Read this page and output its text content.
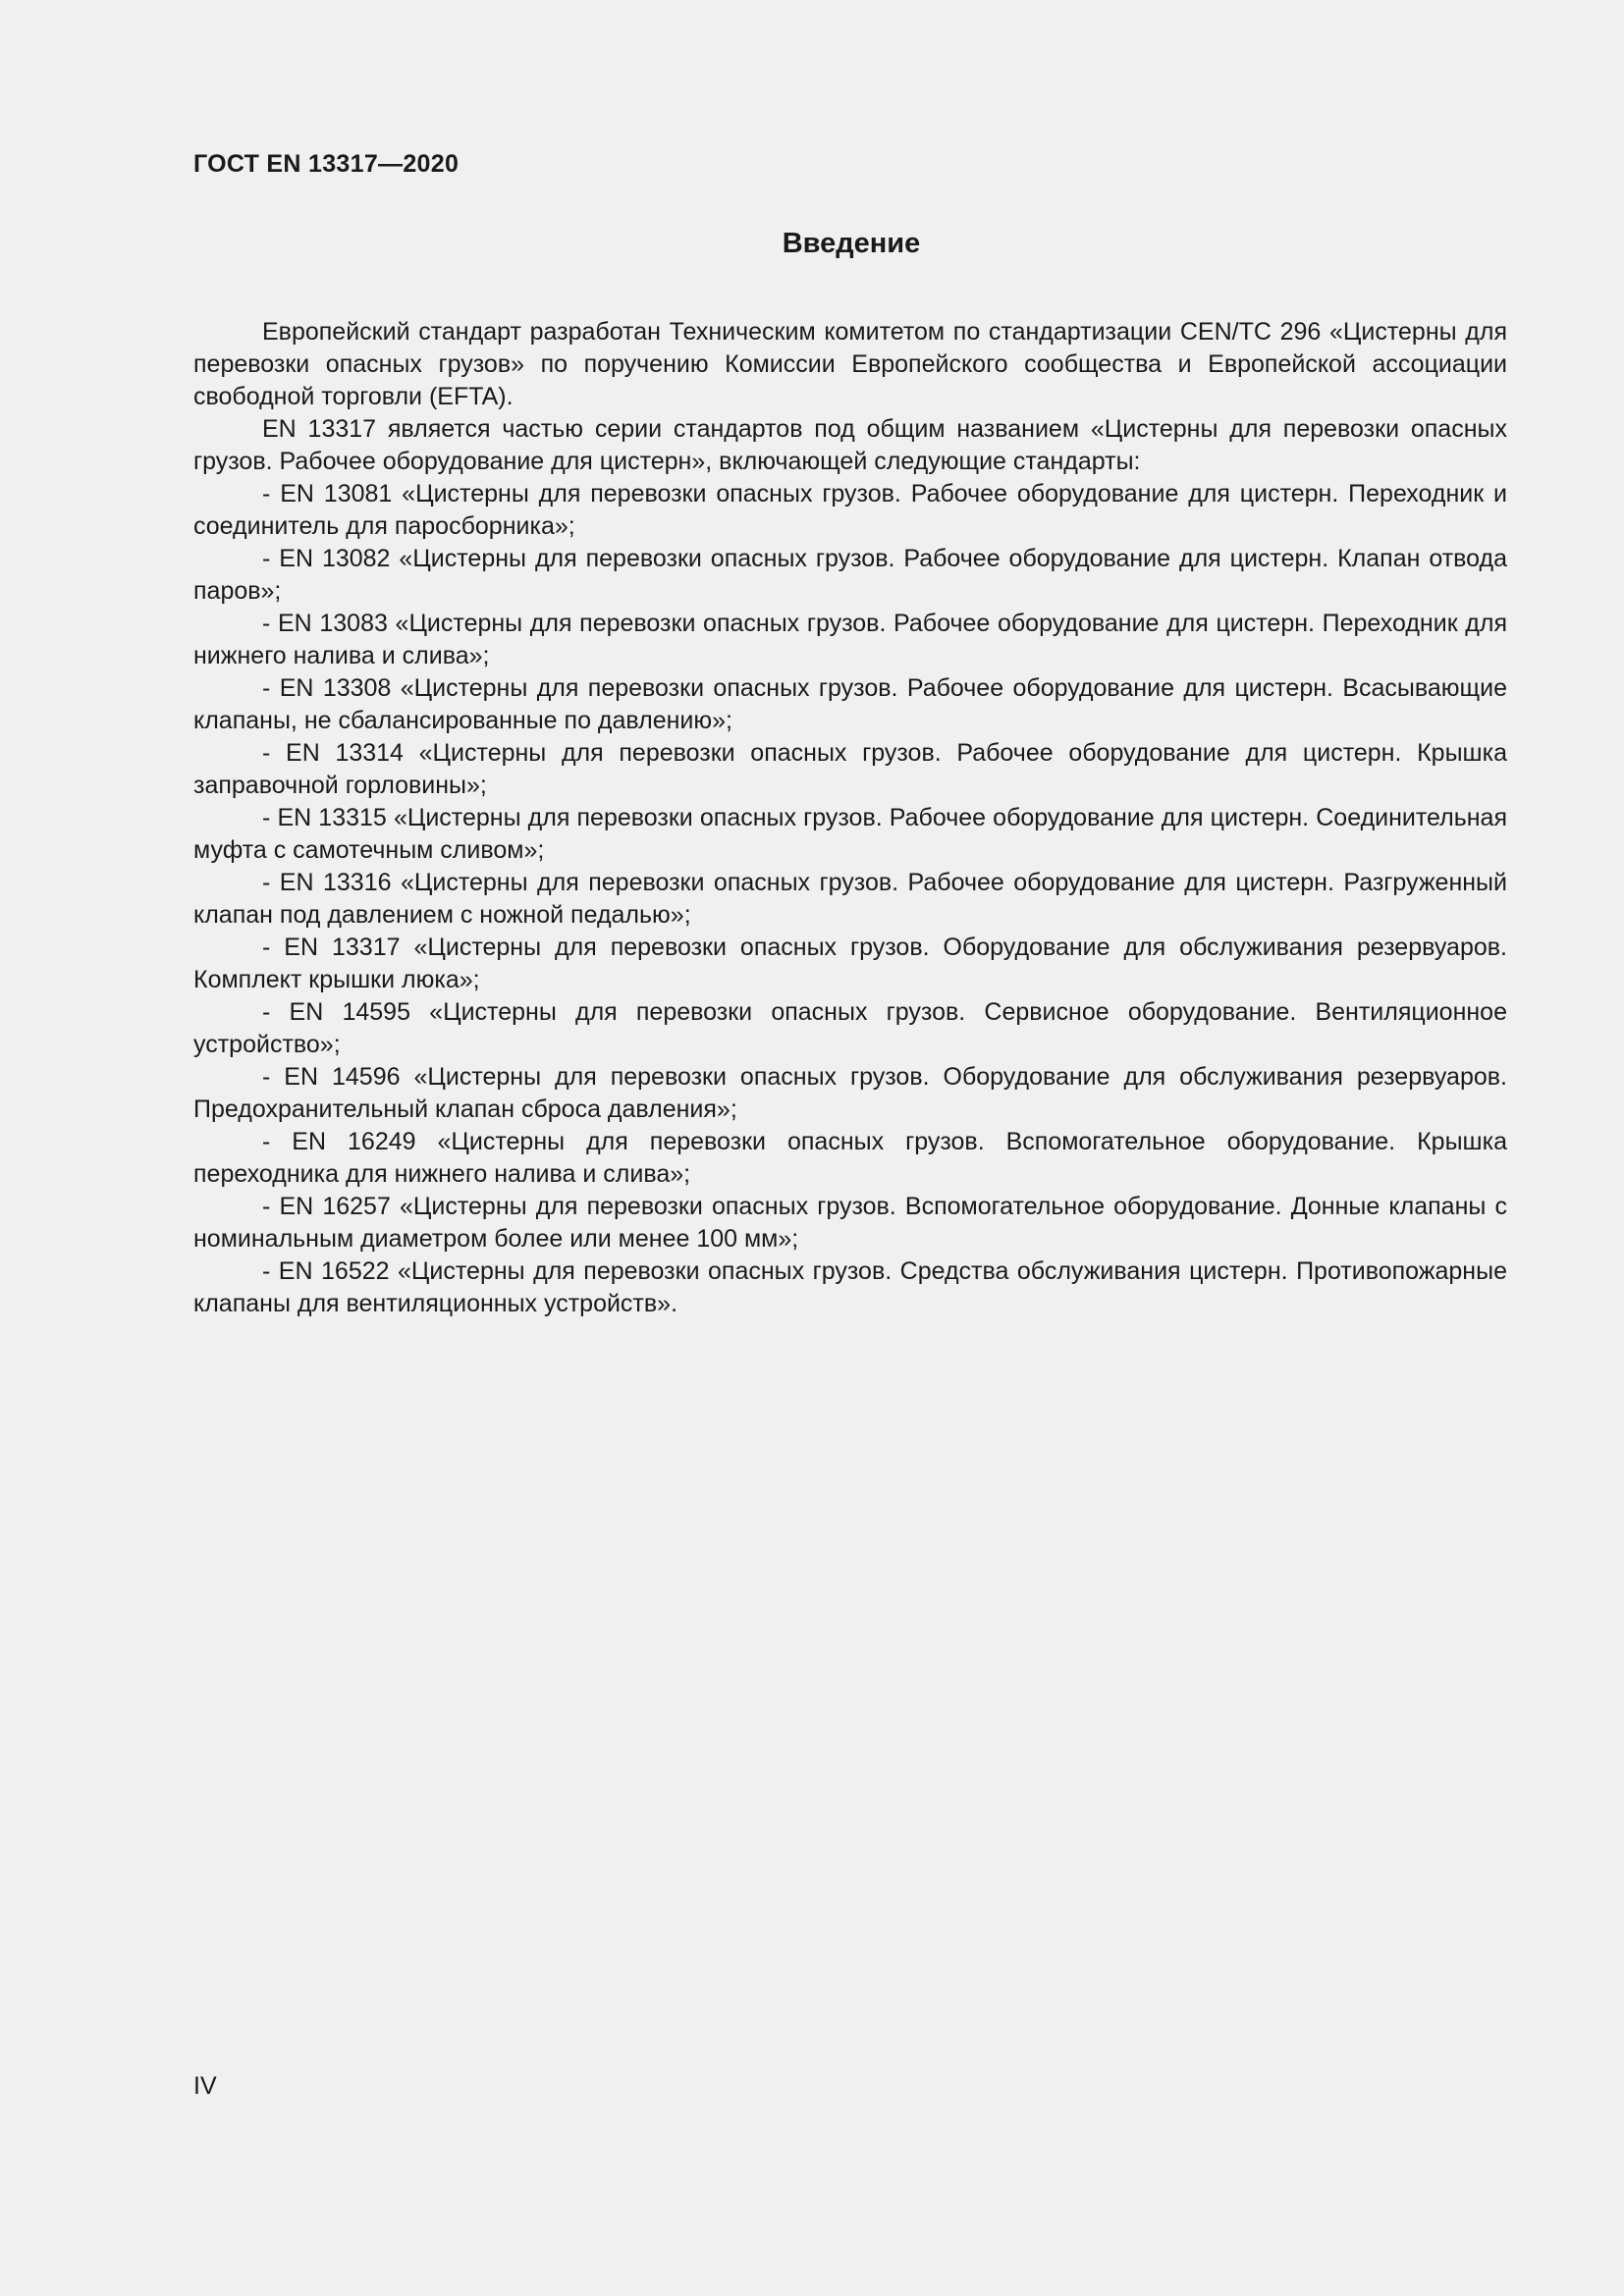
ГОСТ EN 13317—2020
Введение

Европейский стандарт разработан Техническим комитетом по стандартизации CEN/TC 296 «Цистерны для перевозки опасных грузов» по поручению Комиссии Европейского сообщества и Европейской ассоциации свободной торговли (EFTA).

EN 13317 является частью серии стандартов под общим названием «Цистерны для перевозки опасных грузов. Рабочее оборудование для цистерн», включающей следующие стандарты:

- EN 13081 «Цистерны для перевозки опасных грузов. Рабочее оборудование для цистерн. Переходник и соединитель для паросборника»;

- EN 13082 «Цистерны для перевозки опасных грузов. Рабочее оборудование для цистерн. Клапан отвода паров»;

- EN 13083 «Цистерны для перевозки опасных грузов. Рабочее оборудование для цистерн. Переходник для нижнего налива и слива»;

- EN 13308 «Цистерны для перевозки опасных грузов. Рабочее оборудование для цистерн. Всасывающие клапаны, не сбалансированные по давлению»;

- EN 13314 «Цистерны для перевозки опасных грузов. Рабочее оборудование для цистерн. Крышка заправочной горловины»;

- EN 13315 «Цистерны для перевозки опасных грузов. Рабочее оборудование для цистерн. Соединительная муфта с самотечным сливом»;

- EN 13316 «Цистерны для перевозки опасных грузов. Рабочее оборудование для цистерн. Разгруженный клапан под давлением с ножной педалью»;

- EN 13317 «Цистерны для перевозки опасных грузов. Оборудование для обслуживания резервуаров. Комплект крышки люка»;

- EN 14595 «Цистерны для перевозки опасных грузов. Сервисное оборудование. Вентиляционное устройство»;

- EN 14596 «Цистерны для перевозки опасных грузов. Оборудование для обслуживания резервуаров. Предохранительный клапан сброса давления»;

- EN 16249 «Цистерны для перевозки опасных грузов. Вспомогательное оборудование. Крышка переходника для нижнего налива и слива»;

- EN 16257 «Цистерны для перевозки опасных грузов. Вспомогательное оборудование. Донные клапаны с номинальным диаметром более или менее 100 мм»;

- EN 16522 «Цистерны для перевозки опасных грузов. Средства обслуживания цистерн. Противопожарные клапаны для вентиляционных устройств».

IV
